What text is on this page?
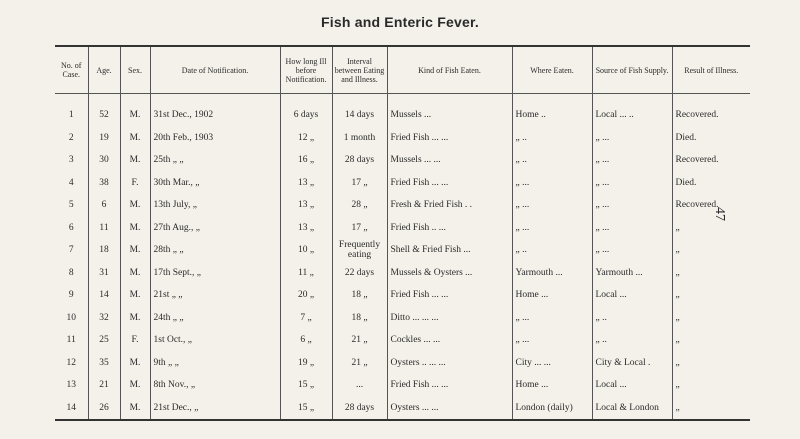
Fish and Enteric Fever.
47
No. of Case.	Age.	Sex.	Date of Notification.	How long Ill before Notification.	Interval between Eating and Illness.	Kind of Fish Eaten.	Where Eaten.	Source of Fish Supply.	Result of Illness.

1	52	M.	31st Dec., 1902	6 days	14 days	Mussels ...	Home ..	Local ... ..	Recovered.
2	19	M.	20th Feb., 1903	12 „	1 month	Fried Fish ... ...	„ ..	„ ...	Died.
3	30	M.	25th „ „	16 „	28 days	Mussels ... ...	„ ..	„ ...	Recovered.
4	38	F.	30th Mar., „	13 „	17 „	Fried Fish ... ...	„ ...	„ ...	Died.
5	6	M.	13th July, „	13 „	28 „	Fresh & Fried Fish . .	„ ...	„ ...	Recovered.
6	11	M.	27th Aug., „	13 „	17 „	Fried Fish .. ...	„ ...	„ ...	„
7	18	M.	28th „ „	10 „	Frequently eating	Shell & Fried Fish ...	„ ..	„ ...	„
8	31	M.	17th Sept., „	11 „	22 days	Mussels & Oysters ...	Yarmouth ...	Yarmouth ...	„
9	14	M.	21st „ „	20 „	18 „	Fried Fish ... ...	Home ...	Local ...	„
10	32	M.	24th „ „	7 „	18 „	Ditto ... ... ...	„ ...	„ ..	„
11	25	F.	1st Oct., „	6 „	21 „	Cockles ... ...	„ ...	„ ..	„
12	35	M.	9th „ „	19 „	21 „	Oysters .. ... ...	City ... ...	City & Local .	„
13	21	M.	8th Nov., „	15 „	...	Fried Fish ... ...	Home ...	Local ...	„
14	26	M.	21st Dec., „	15 „	28 days	Oysters ... ...	London (daily)	Local & London	„
